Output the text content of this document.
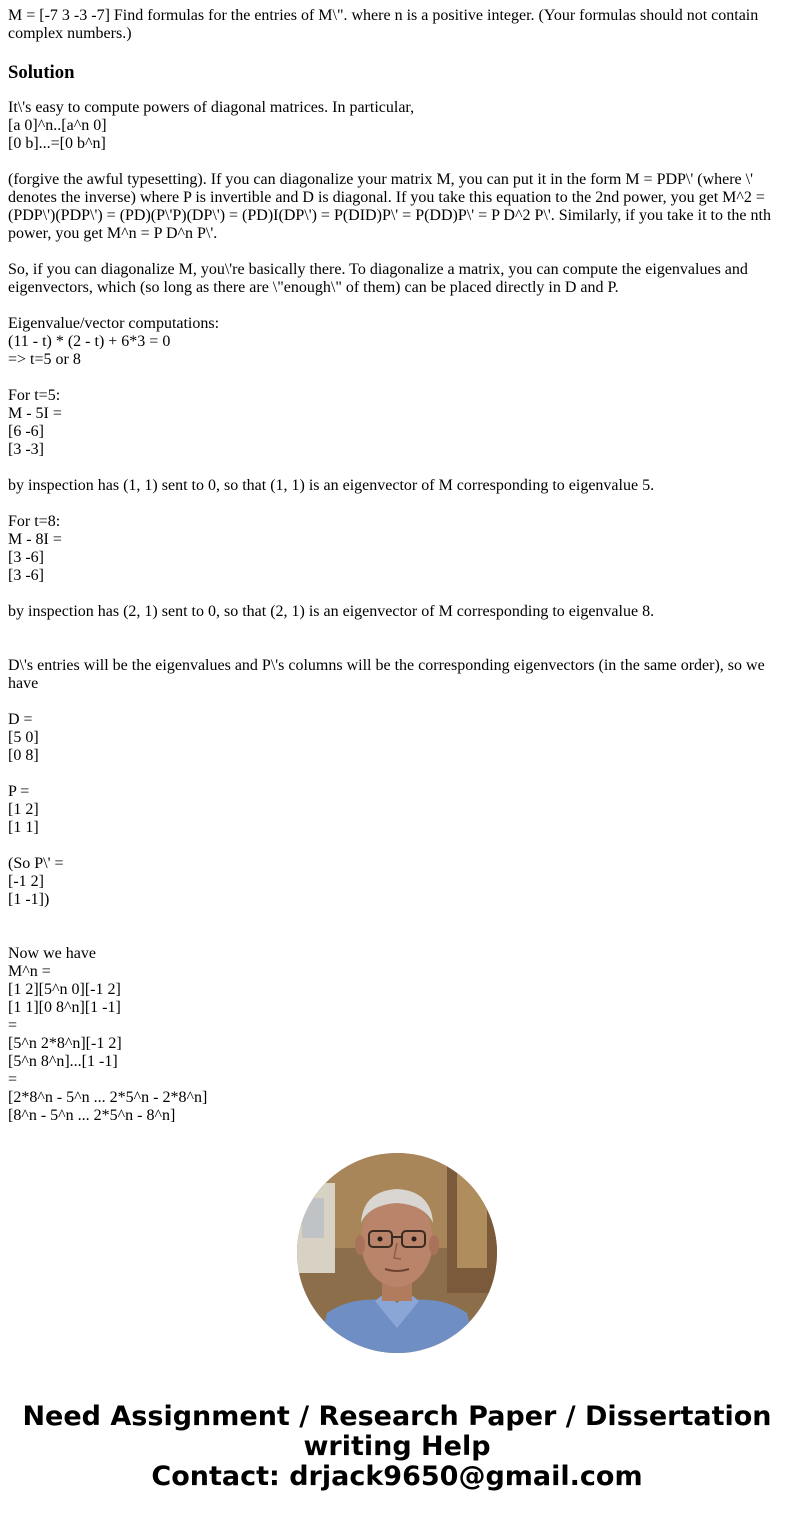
M = [-7 3 -3 -7] Find formulas for the entries of M\". where n is a positive integer. (Your formulas should not contain complex numbers.)

Solution
It\'s easy to compute powers of diagonal matrices. In particular,
[a 0]^n..[a^n 0]
[0 b]...=[0 b^n]
(forgive the awful typesetting). If you can diagonalize your matrix M, you can put it in the form M = PDP\' (where \' denotes the inverse) where P is invertible and D is diagonal. If you take this equation to the 2nd power, you get M^2 = (PDP\')(PDP\') = (PD)(P\'P)(DP\') = (PD)I(DP\') = P(DID)P\' = P(DD)P\' = P D^2 P\'. Similarly, if you take it to the nth power, you get M^n = P D^n P\'.
So, if you can diagonalize M, you\'re basically there. To diagonalize a matrix, you can compute the eigenvalues and eigenvectors, which (so long as there are \"enough\" of them) can be placed directly in D and P.
Eigenvalue/vector computations:
(11 - t) * (2 - t) + 6*3 = 0
=> t=5 or 8
For t=5:
M - 5I =
[6 -6]
[3 -3]
by inspection has (1, 1) sent to 0, so that (1, 1) is an eigenvector of M corresponding to eigenvalue 5.
For t=8:
M - 8I =
[3 -6]
[3 -6]
by inspection has (2, 1) sent to 0, so that (2, 1) is an eigenvector of M corresponding to eigenvalue 8.
D\'s entries will be the eigenvalues and P\'s columns will be the corresponding eigenvectors (in the same order), so we have
D =
[5 0]
[0 8]
P =
[1 2]
[1 1]
(So P\' =
[-1 2]
[1 -1])
Now we have
M^n =
[1 2][5^n 0][-1 2]
[1 1][0 8^n][1 -1]
=
[5^n 2*8^n][-1 2]
[5^n 8^n]...[1 -1]
=
[2*8^n - 5^n ... 2*5^n - 2*8^n]
[8^n - 5^n ... 2*5^n - 8^n]
Need Assignment / Research Paper / Dissertation
writing Help
Contact: drjack9650@gmail.com
